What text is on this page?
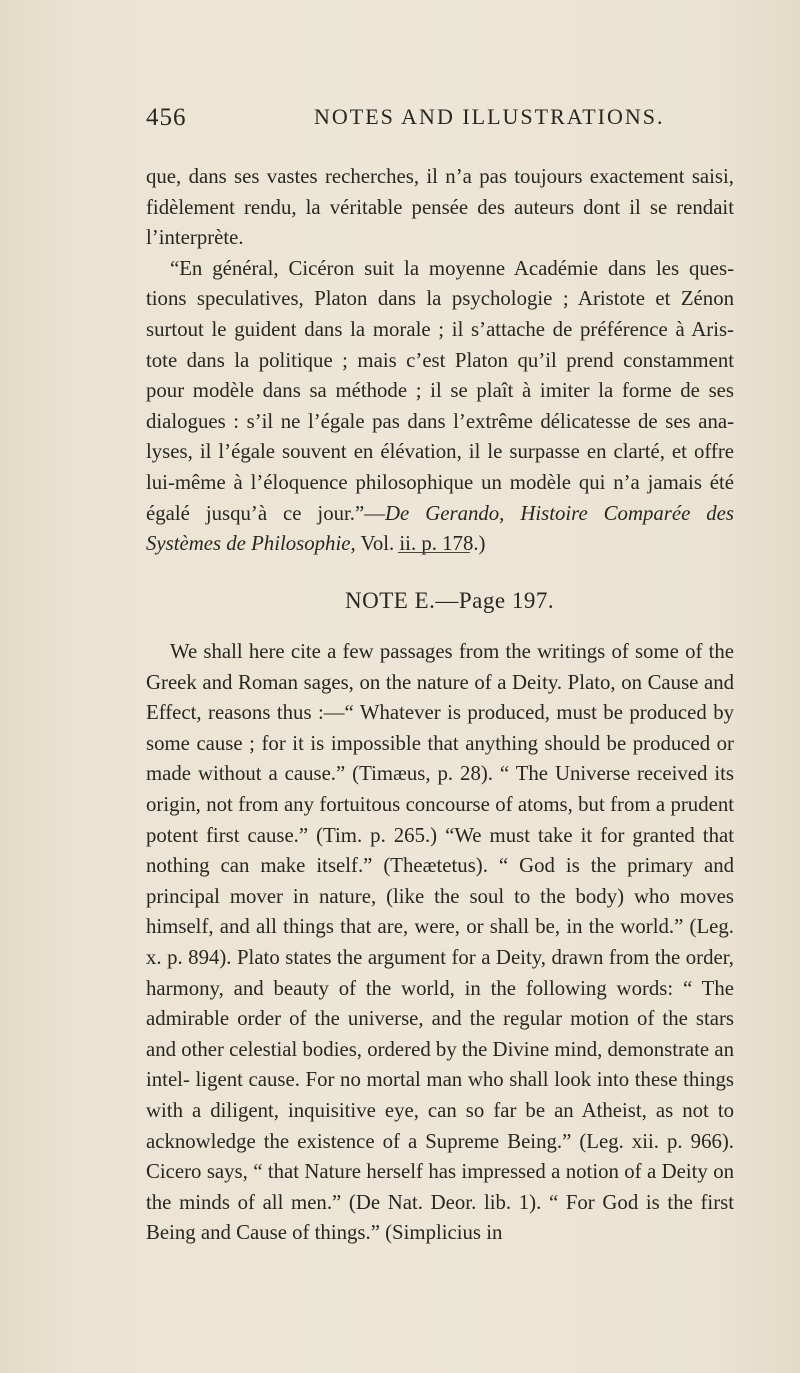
456	NOTES AND ILLUSTRATIONS.

que, dans ses vastes recherches, il n’a pas toujours exactement saisi, fidèlement rendu, la véritable pensée des auteurs dont il se rendait l’interprète.

“En général, Cicéron suit la moyenne Académie dans les ques- tions speculatives, Platon dans la psychologie ; Aristote et Zénon surtout le guident dans la morale ; il s’attache de préférence à Aris- tote dans la politique ; mais c’est Platon qu’il prend constamment pour modèle dans sa méthode ; il se plaît à imiter la forme de ses dialogues : s’il ne l’égale pas dans l’extrême délicatesse de ses ana- lyses, il l’égale souvent en élévation, il le surpasse en clarté, et offre lui-même à l’éloquence philosophique un modèle qui n’a jamais été égalé jusqu’à ce jour.”—De Gerando, Histoire Comparée des Systèmes de Philosophie, Vol. ii. p. 178.)

NOTE E.—Page 197.

We shall here cite a few passages from the writings of some of the Greek and Roman sages, on the nature of a Deity. Plato, on Cause and Effect, reasons thus :—“ Whatever is produced, must be produced by some cause ; for it is impossible that anything should be produced or made without a cause.” (Timæus, p. 28). “ The Universe received its origin, not from any fortuitous concourse of atoms, but from a prudent potent first cause.” (Tim. p. 265.) “We must take it for granted that nothing can make itself.” (Theætetus). “ God is the primary and principal mover in nature, (like the soul to the body) who moves himself, and all things that are, were, or shall be, in the world.” (Leg. x. p. 894). Plato states the argument for a Deity, drawn from the order, harmony, and beauty of the world, in the following words: “ The admirable order of the universe, and the regular motion of the stars and other celestial bodies, ordered by the Divine mind, demonstrate an intel- ligent cause. For no mortal man who shall look into these things with a diligent, inquisitive eye, can so far be an Atheist, as not to acknowledge the existence of a Supreme Being.” (Leg. xii. p. 966). Cicero says, “ that Nature herself has impressed a notion of a Deity on the minds of all men.” (De Nat. Deor. lib. 1). “ For God is the first Being and Cause of things.” (Simplicius in
